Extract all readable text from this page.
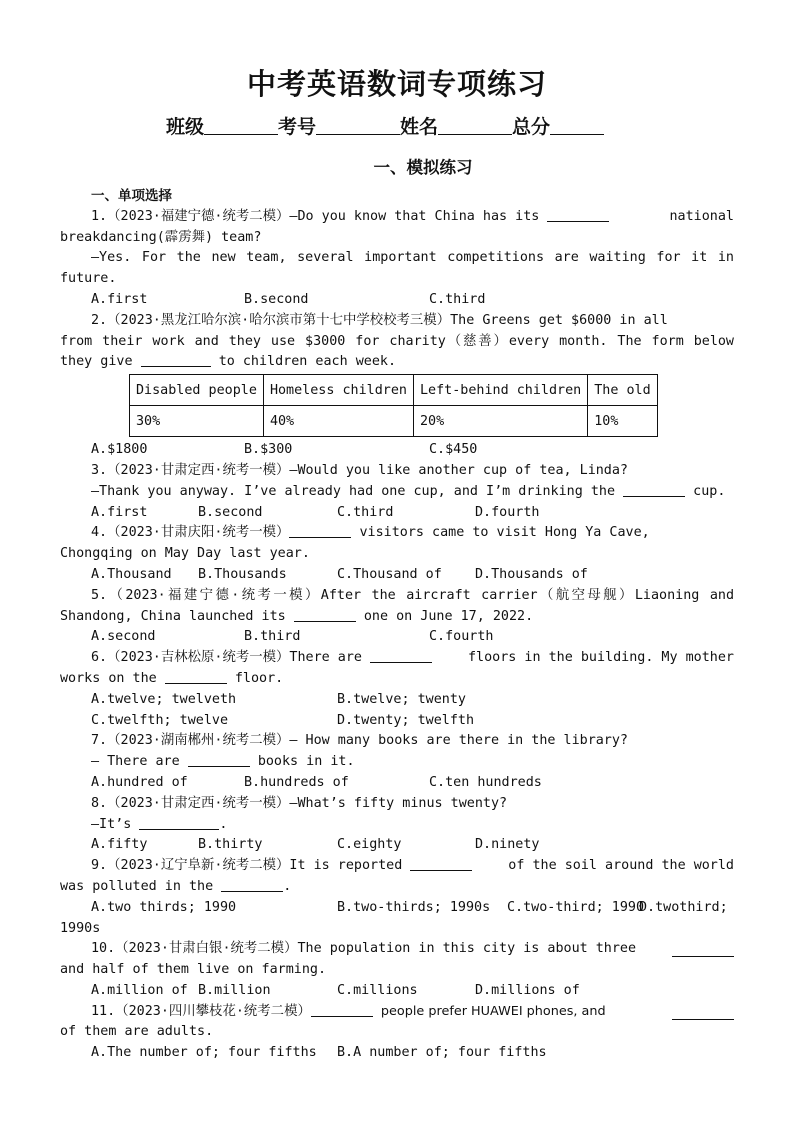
中考英语数词专项练习
班级	考号	姓名	总分
一、模拟练习
一、单项选择
1.（2023·福建宁德·统考二模）—Do you know that China has its	national
breakdancing(霹雳舞) team?
—Yes. For the new team, several important competitions are waiting for it in
future.
A.first	B.second	C.third
2.（2023·黑龙江哈尔滨·哈尔滨市第十七中学校校考三模）The Greens get $6000 in all
from their work and they use $3000 for charity（慈善）every month. The form below
they give	to children each week.
Disabled people	Homeless children	Left-behind children	The old
30%	40%	20%	10%
A.$1800	B.$300	C.$450
3.（2023·甘肃定西·统考一模）—Would you like another cup of tea, Linda?
—Thank you anyway. I’ve already had one cup, and I’m drinking the	cup.
A.first	B.second	C.third	D.fourth
4.（2023·甘肃庆阳·统考一模）	visitors came to visit Hong Ya Cave,
Chongqing on May Day last year.
A.Thousand B.Thousands	C.Thousand of D.Thousands of
5.（2023·福建宁德·统考一模）After the aircraft carrier（航空母舰）Liaoning and
Shandong, China launched its	one on June 17, 2022.
A.second	B.third	C.fourth
6.（2023·吉林松原·统考一模）There are	floors in the building. My mother
works on the	floor.
A.twelve; twelveth	B.twelve; twenty
C.twelfth; twelve	D.twenty; twelfth
7.（2023·湖南郴州·统考二模）— How many books are there in the library?
— There are	books in it.
A.hundred of	B.hundreds of	C.ten hundreds
8.（2023·甘肃定西·统考一模）—What’s fifty minus twenty?
—It’s	.
A.fifty	B.thirty	C.eighty	D.ninety
9.（2023·辽宁阜新·统考二模）It is reported	of the soil around the world
was polluted in the	.
A.two thirds; 1990	B.two-thirds; 1990s C.two-third; 1990D.twothird;
1990s
10.（2023·甘肃白银·统考二模）The population in this city is about three
and half of them live on farming.
A.million of B.million	C.millions	D.millions of
11.（2023·四川攀枝花·统考二模）	people prefer HUAWEI phones, and
of them are adults.
A.The number of; four fifths B.A number of; four fifths
